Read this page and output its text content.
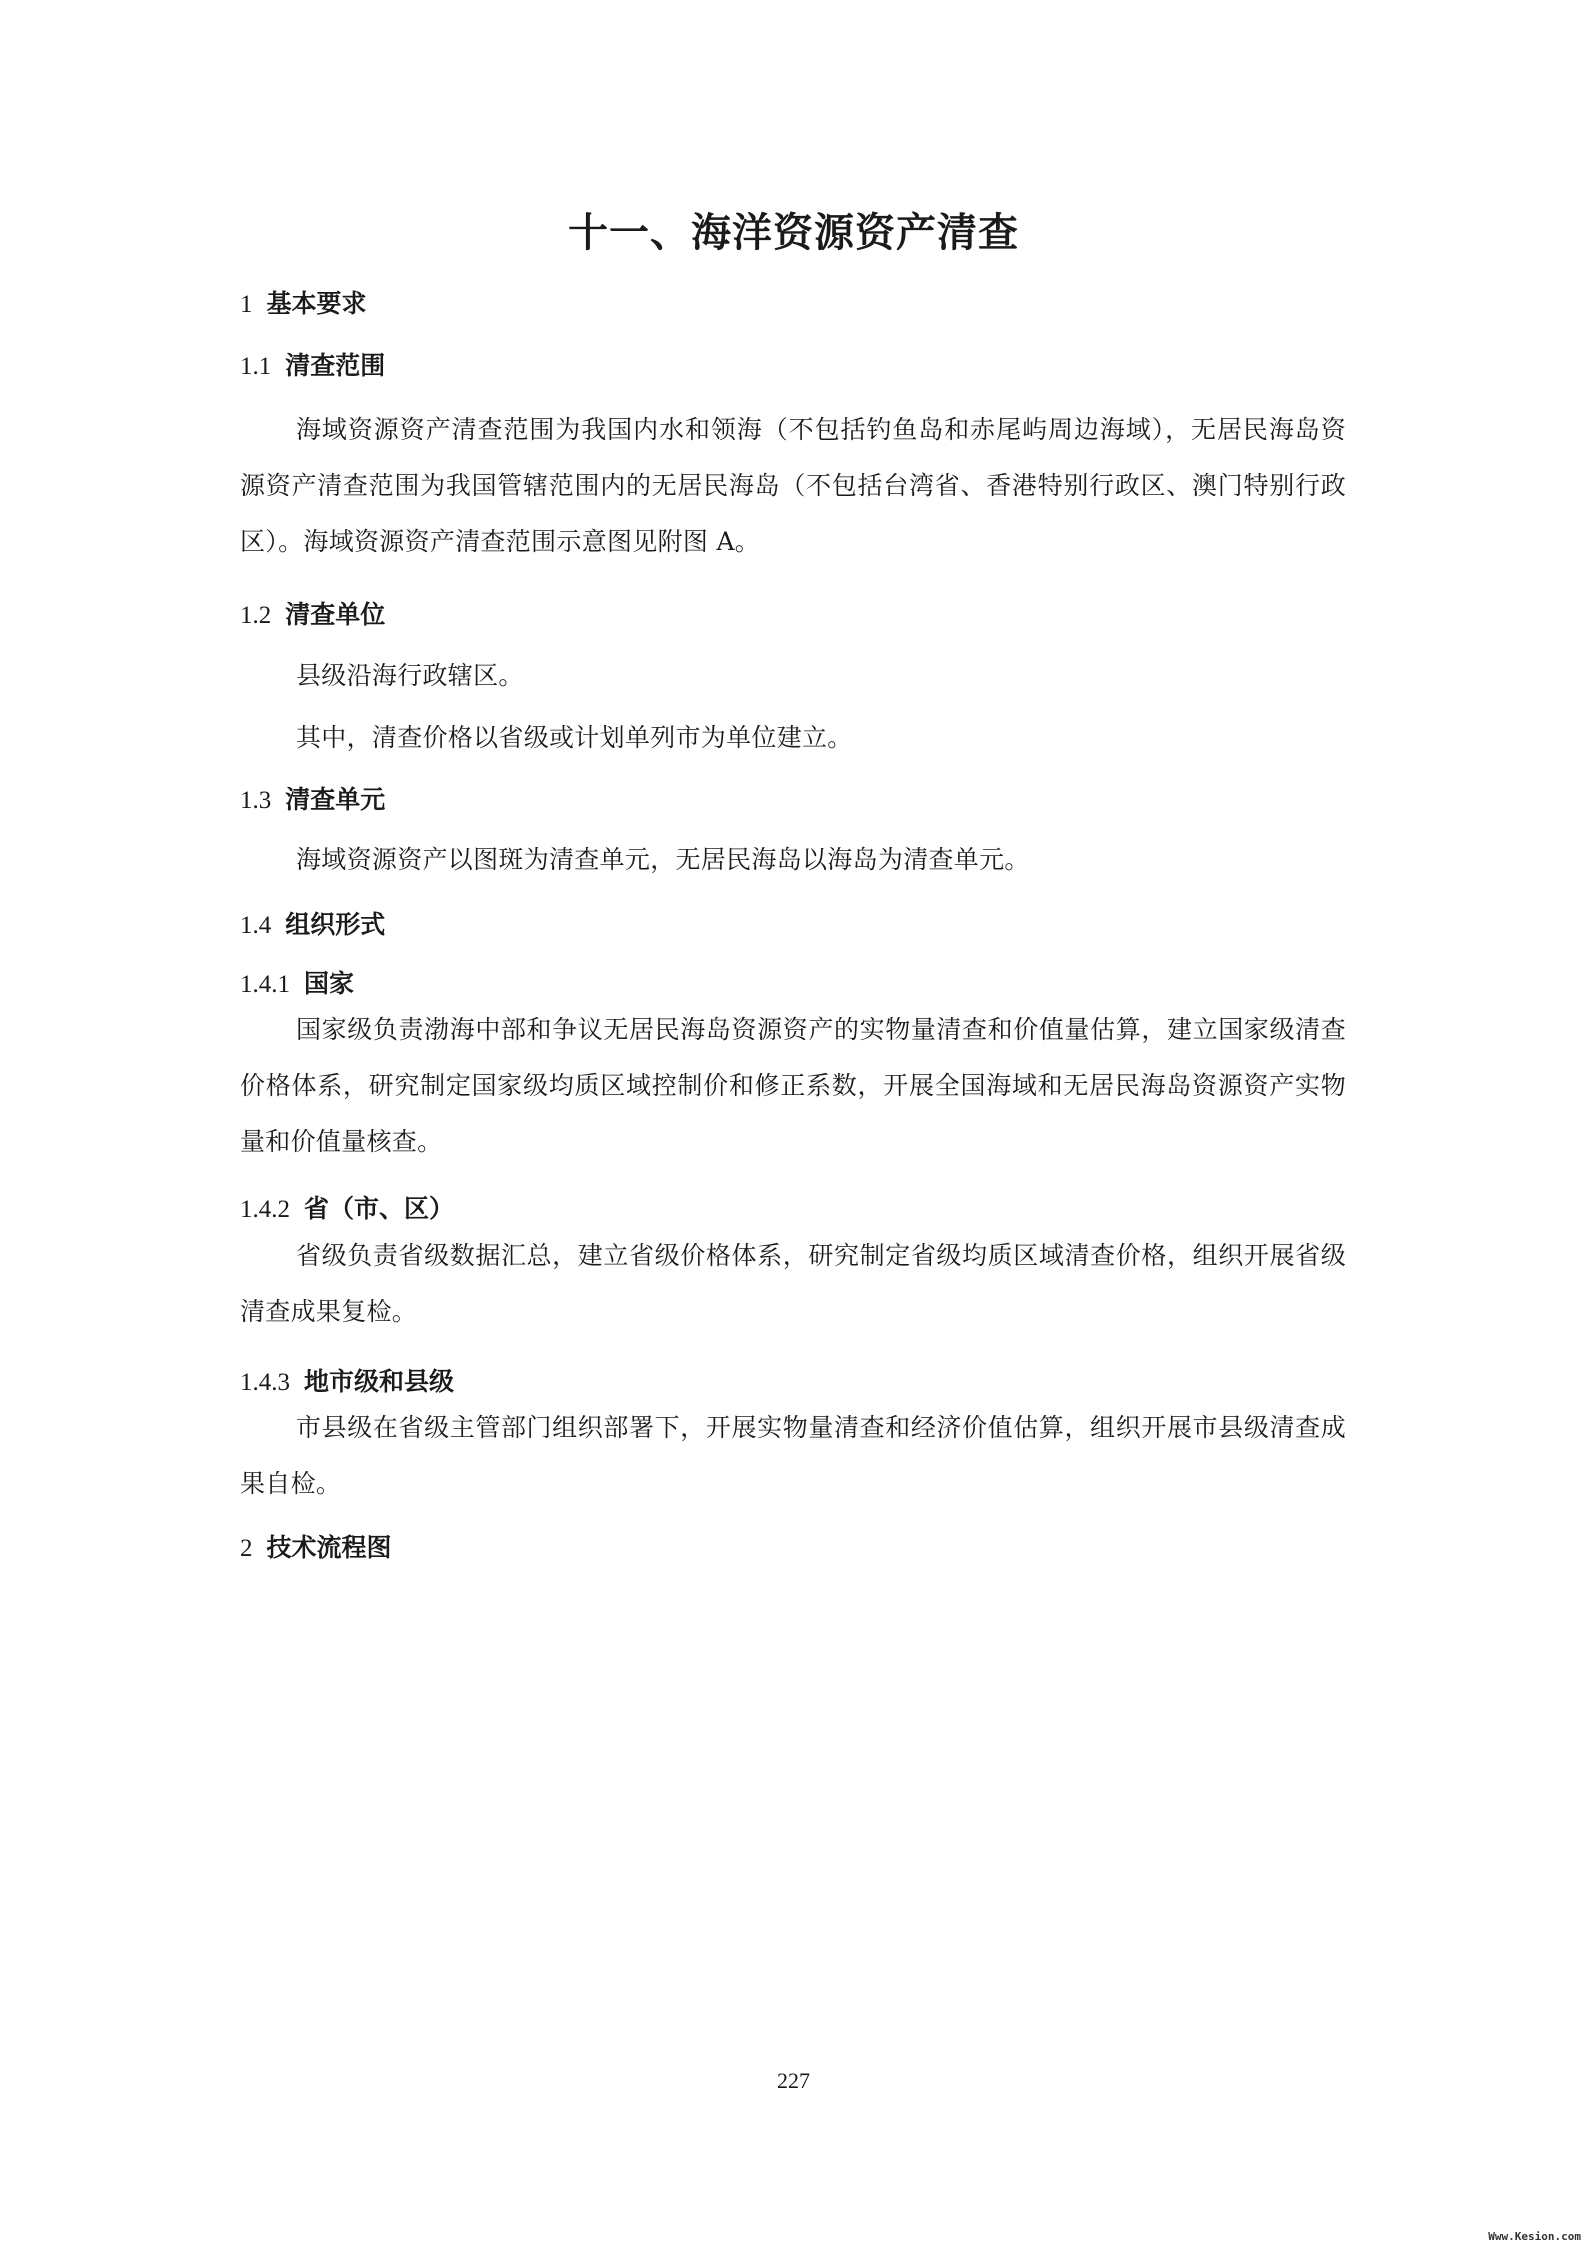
十一、海洋资源资产清查
1 基本要求
1.1 清查范围
海域资源资产清查范围为我国内水和领海（不包括钓鱼岛和赤尾屿周边海域），无居民海岛资源资产清查范围为我国管辖范围内的无居民海岛（不包括台湾省、香港特别行政区、澳门特别行政区）。海域资源资产清查范围示意图见附图 A。
1.2 清查单位
县级沿海行政辖区。
其中，清查价格以省级或计划单列市为单位建立。
1.3 清查单元
海域资源资产以图斑为清查单元，无居民海岛以海岛为清查单元。
1.4 组织形式
1.4.1 国家
国家级负责渤海中部和争议无居民海岛资源资产的实物量清查和价值量估算，建立国家级清查价格体系，研究制定国家级均质区域控制价和修正系数，开展全国海域和无居民海岛资源资产实物量和价值量核查。
1.4.2 省（市、区）
省级负责省级数据汇总，建立省级价格体系，研究制定省级均质区域清查价格，组织开展省级清查成果复检。
1.4.3 地市级和县级
市县级在省级主管部门组织部署下，开展实物量清查和经济价值估算，组织开展市县级清查成果自检。
2 技术流程图
227
Www.Kesion.com
